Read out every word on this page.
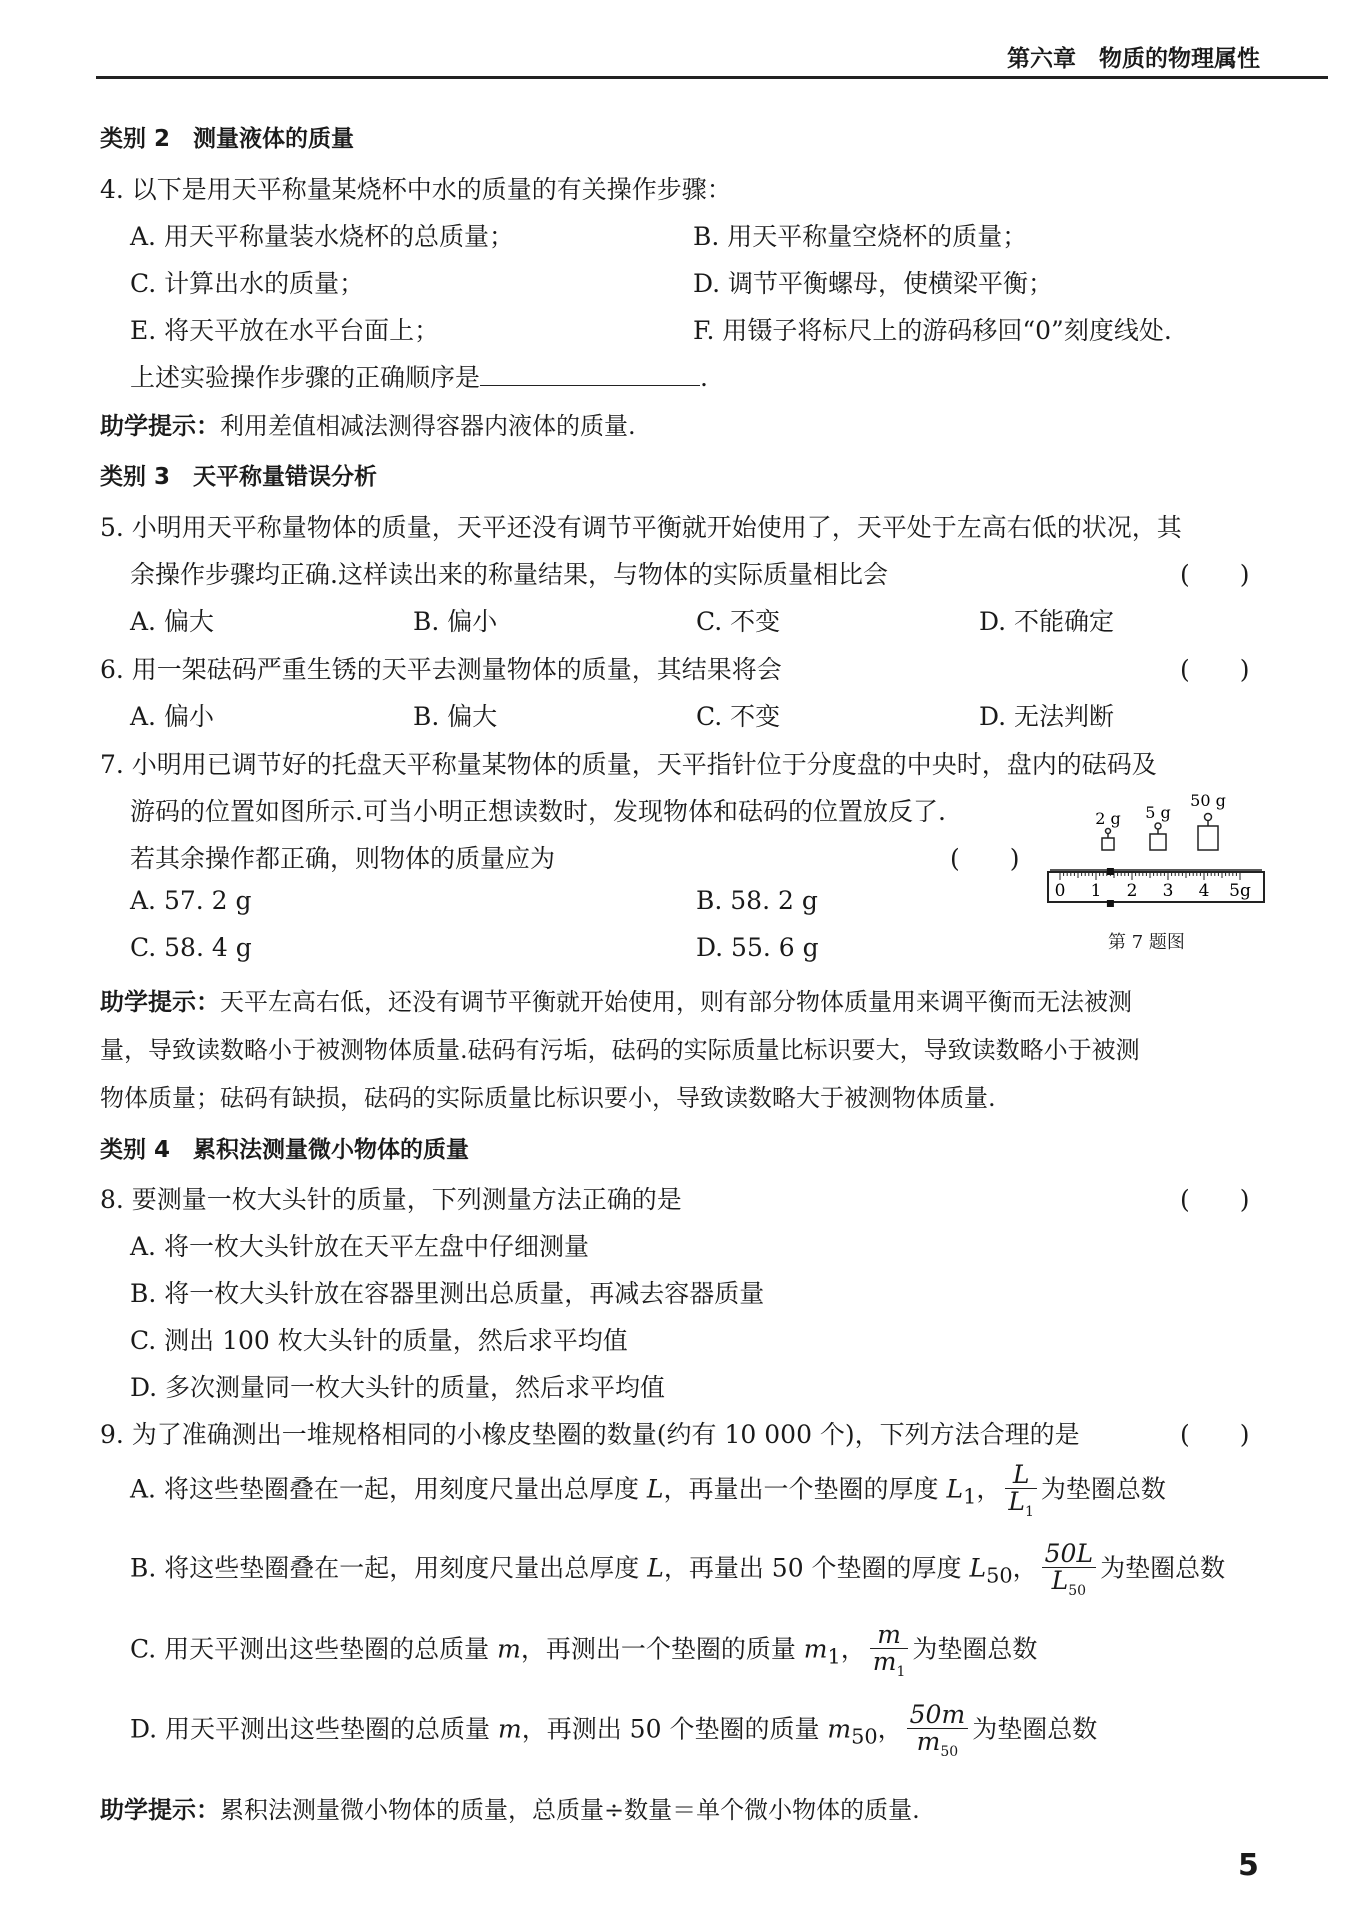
第六章　物质的物理属性
类别 2　测量液体的质量
4. 以下是用天平称量某烧杯中水的质量的有关操作步骤：
A. 用天平称量装水烧杯的总质量；	B. 用天平称量空烧杯的质量；
C. 计算出水的质量；	D. 调节平衡螺母，使横梁平衡；
E. 将天平放在水平台面上；	F. 用镊子将标尺上的游码移回“0”刻度线处.
上述实验操作步骤的正确顺序是	.
助学提示：利用差值相减法测得容器内液体的质量.
类别 3　天平称量错误分析
5. 小明用天平称量物体的质量，天平还没有调节平衡就开始使用了，天平处于左高右低的状况，其
余操作步骤均正确.这样读出来的称量结果，与物体的实际质量相比会	(　　)
A. 偏大	B. 偏小	C. 不变	D. 不能确定
6. 用一架砝码严重生锈的天平去测量物体的质量，其结果将会	(　　)
A. 偏小	B. 偏大	C. 不变	D. 无法判断
7. 小明用已调节好的托盘天平称量某物体的质量，天平指针位于分度盘的中央时，盘内的砝码及
游码的位置如图所示.可当小明正想读数时，发现物体和砝码的位置放反了.
若其余操作都正确，则物体的质量应为	(　　)
A. 57. 2 g	B. 58. 2 g
C. 58. 4 g	D. 55. 6 g
2 g 5 g
50 g
0 1 2 3 4 5g
第 7 题图
助学提示：天平左高右低，还没有调节平衡就开始使用，则有部分物体质量用来调平衡而无法被测
量，导致读数略小于被测物体质量.砝码有污垢，砝码的实际质量比标识要大，导致读数略小于被测
物体质量；砝码有缺损，砝码的实际质量比标识要小，导致读数略大于被测物体质量.
类别 4　累积法测量微小物体的质量
8. 要测量一枚大头针的质量，下列测量方法正确的是	(　　)
A. 将一枚大头针放在天平左盘中仔细测量
B. 将一枚大头针放在容器里测出总质量，再减去容器质量
C. 测出 100 枚大头针的质量，然后求平均值
D. 多次测量同一枚大头针的质量，然后求平均值
9. 为了准确测出一堆规格相同的小橡皮垫圈的数量(约有 10 000 个)，下列方法合理的是	(　　)
A. 将这些垫圈叠在一起，用刻度尺量出总厚度 L，再量出一个垫圈的厚度 $L_1$， $\frac{L}{L_1}$ 为垫圈总数
B. 将这些垫圈叠在一起，用刻度尺量出总厚度 L，再量出 50 个垫圈的厚度 $L_{50}$， $\frac{50L}{L_{50}}$ 为垫圈总数
C. 用天平测出这些垫圈的总质量 m，再测出一个垫圈的质量 $m_1$， $\frac{m}{m_1}$ 为垫圈总数
D. 用天平测出这些垫圈的总质量 m，再测出 50 个垫圈的质量 $m_{50}$， $\frac{50m}{m_{50}}$ 为垫圈总数
助学提示：累积法测量微小物体的质量，总质量÷数量＝单个微小物体的质量.
5
